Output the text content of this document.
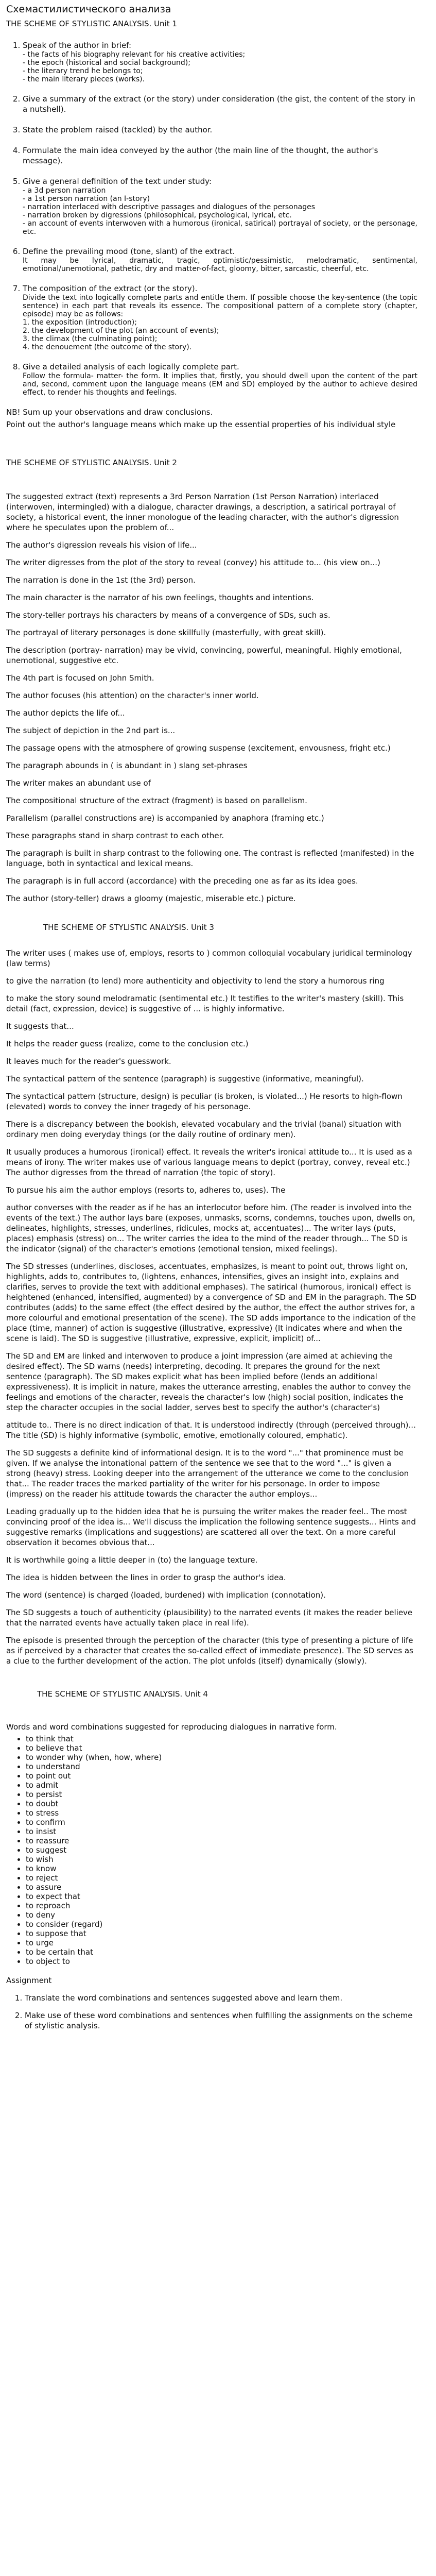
Схемастилистического анализа
THE SCHEME OF STYLISTIC ANALYSIS. Unit 1
1. Speak of the author in brief:
- the facts of his biography relevant for his creative activities;
- the epoch (historical and social background);
- the literary trend he belongs to;
- the main literary pieces (works).
2. Give a summary of the extract (or the story) under consideration (the gist, the content of the story in a nutshell).
3. State the problem raised (tackled) by the author.
4. Formulate the main idea conveyed by the author (the main line of the thought, the author's message).
5. Give a general definition of the text under study:
- a 3d person narration
- a 1st person narration (an I-story)
- narration interlaced with descriptive passages and dialogues of the personages
- narration broken by digressions (philosophical, psychological, lyrical, etc.
- an account of events interwoven with a humorous (ironical, satirical) portrayal of society, or the personage, etc.
6. Define the prevailing mood (tone, slant) of the extract.
It may be lyrical, dramatic, tragic, optimistic/pessimistic, melodramatic, sentimental, emotional/unemotional, pathetic, dry and matter-of-fact, gloomy, bitter, sarcastic, cheerful, etc.
7. The composition of the extract (or the story).
Divide the text into logically complete parts and entitle them. If possible choose the key-sentence (the topic sentence) in each part that reveals its essence. The compositional pattern of a complete story (chapter, episode) may be as follows:
1. the exposition (introduction);
2. the development of the plot (an account of events);
3. the climax (the culminating point);
4. the denouement (the outcome of the story).
8. Give a detailed analysis of each logically complete part.
Follow the formula- matter- the form. It implies that, firstly, you should dwell upon the content of the part and, second, comment upon the language means (EM and SD) employed by the author to achieve desired effect, to render his thoughts and feelings.

NB! Sum up your observations and draw conclusions.

Point out the author's language means which make up the essential properties of his individual style

THE SCHEME OF STYLISTIC ANALYSIS. Unit 2

The suggested extract (text) represents a 3rd Person Narration (1st Person Narration) interlaced (interwoven, intermingled) with a dialogue, character drawings, a description, a satirical portrayal of society, a historical event, the inner monologue of the leading character, with the author's digression where he speculates upon the problem of...

The author's digression reveals his vision of life...

The writer digresses from the plot of the story to reveal (convey) his attitude to... (his view on...)

The narration is done in the 1st (the 3rd) person.

The main character is the narrator of his own feelings, thoughts and intentions.

The story-teller portrays his characters by means of a convergence of SDs, such as.

The portrayal of literary personages is done skillfully (masterfully, with great skill).

The description (portray- narration) may be vivid, convincing, powerful, meaningful. Highly emotional, unemotional, suggestive etc.

The 4th part is focused on John Smith.

The author focuses (his attention) on the character's inner world.

The author depicts the life of...

The subject of depiction in the 2nd part is...

The passage opens with the atmosphere of growing suspense (excitement, envousness, fright etc.)

The paragraph abounds in ( is abundant in ) slang set-phrases

The writer makes an abundant use of

The compositional structure of the extract (fragment) is based on parallelism.

Parallelism (parallel constructions are) is accompanied by anaphora (framing etc.)

These paragraphs stand in sharp contrast to each other.

The paragraph is built in sharp contrast to the following one. The contrast is reflected (manifested) in the language, both in syntactical and lexical means.

The paragraph is in full accord (accordance) with the preceding one as far as its idea goes.

The author (story-teller) draws a gloomy (majestic, miserable etc.) picture.

THE SCHEME OF STYLISTIC ANALYSIS. Unit 3

The writer uses ( makes use of, employs, resorts to ) common colloquial vocabulary juridical terminology (law terms)

to give the narration (to lend) more authenticity and objectivity to lend the story a humorous ring

to make the story sound melodramatic (sentimental etc.) It testifies to the writer's mastery (skill). This detail (fact, expression, device) is suggestive of ... is highly informative.

It suggests that...

It helps the reader guess (realize, come to the conclusion etc.)

It leaves much for the reader's guesswork.

The syntactical pattern of the sentence (paragraph) is suggestive (informative, meaningful).

The syntactical pattern (structure, design) is peculiar (is broken, is violated...) He resorts to high-flown (elevated) words to convey the inner tragedy of his personage.

There is a discrepancy between the bookish, elevated vocabulary and the trivial (banal) situation with ordinary men doing everyday things (or the daily routine of ordinary men).

It usually produces a humorous (ironical) effect. It reveals the writer's ironical attitude to... It is used as a means of irony. The writer makes use of various language means to depict (portray, convey, reveal etc.) The author digresses from the thread of narration (the topic of story).

To pursue his aim the author employs (resorts to, adheres to, uses). The

author converses with the reader as if he has an interlocutor before him. (The reader is involved into the events of the text.) The author lays bare (exposes, unmasks, scorns, condemns, touches upon, dwells on, delineates, highlights, stresses, underlines, ridicules, mocks at, accentuates)... The writer lays (puts, places) emphasis (stress) on... The writer carries the idea to the mind of the reader through... The SD is the indicator (signal) of the character's emotions (emotional tension, mixed feelings).

The SD stresses (underlines, discloses, accentuates, emphasizes, is meant to point out, throws light on, highlights, adds to, contributes to, (lightens, enhances, intensifies, gives an insight into, explains and clarifies, serves to provide the text with additional emphases). The satirical (humorous, ironical) effect is heightened (enhanced, intensified, augmented) by a convergence of SD and EM in the paragraph. The SD contributes (adds) to the same effect (the effect desired by the author, the effect the author strives for, a more colourful and emotional presentation of the scene). The SD adds importance to the indication of the place (time, manner) of action is suggestive (illustrative, expressive) (It indicates where and when the scene is laid). The SD is suggestive (illustrative, expressive, explicit, implicit) of...

The SD and EM are linked and interwoven to produce a joint impression (are aimed at achieving the desired effect). The SD warns (needs) interpreting, decoding. It prepares the ground for the next sentence (paragraph). The SD makes explicit what has been implied before (lends an additional expressiveness). It is implicit in nature, makes the utterance arresting, enables the author to convey the feelings and emotions of the character, reveals the character's low (high) social position, indicates the step the character occupies in the social ladder, serves best to specify the author's (character's)

attitude to.. There is no direct indication of that. It is understood indirectly (through (perceived through)... The title (SD) is highly informative (symbolic, emotive, emotionally coloured, emphatic).

The SD suggests a definite kind of informational design. It is to the word "..." that prominence must be given. If we analyse the intonational pattern of the sentence we see that to the word "..." is given a strong (heavy) stress. Looking deeper into the arrangement of the utterance we come to the conclusion that... The reader traces the marked partiality of the writer for his personage. In order to impose (impress) on the reader his attitude towards the character the author employs...

Leading gradually up to the hidden idea that he is pursuing the writer makes the reader feel.. The most convincing proof of the idea is... We'll discuss the implication the following sentence suggests... Hints and suggestive remarks (implications and suggestions) are scattered all over the text. On a more careful observation it becomes obvious that...

It is worthwhile going a little deeper in (to) the language texture.

The idea is hidden between the lines in order to grasp the author's idea.

The word (sentence) is charged (loaded, burdened) with implication (connotation).

The SD suggests a touch of authenticity (plausibility) to the narrated events (it makes the reader believe that the narrated events have actually taken place in real life).

The episode is presented through the perception of the character (this type of presenting a picture of life as if perceived by a character that creates the so-called effect of immediate presence). The SD serves as a clue to the further development of the action. The plot unfolds (itself) dynamically (slowly).

THE SCHEME OF STYLISTIC ANALYSIS. Unit 4

Words and word combinations suggested for reproducing dialogues in narrative form.

• to think that
• to believe that
• to wonder why (when, how, where)
• to understand
• to point out
• to admit
• to persist
• to doubt
• to stress
• to confirm
• to insist
• to reassure
• to suggest
• to wish
• to know
• to reject
• to assure
• to expect that
• to reproach
• to deny
• to consider (regard)
• to suppose that
• to urge
• to be certain that
• to object to
Assignment
1. Translate the word combinations and sentences suggested above and learn them.
2. Make use of these word combinations and sentences when fulfilling the assignments on the scheme of stylistic analysis.
